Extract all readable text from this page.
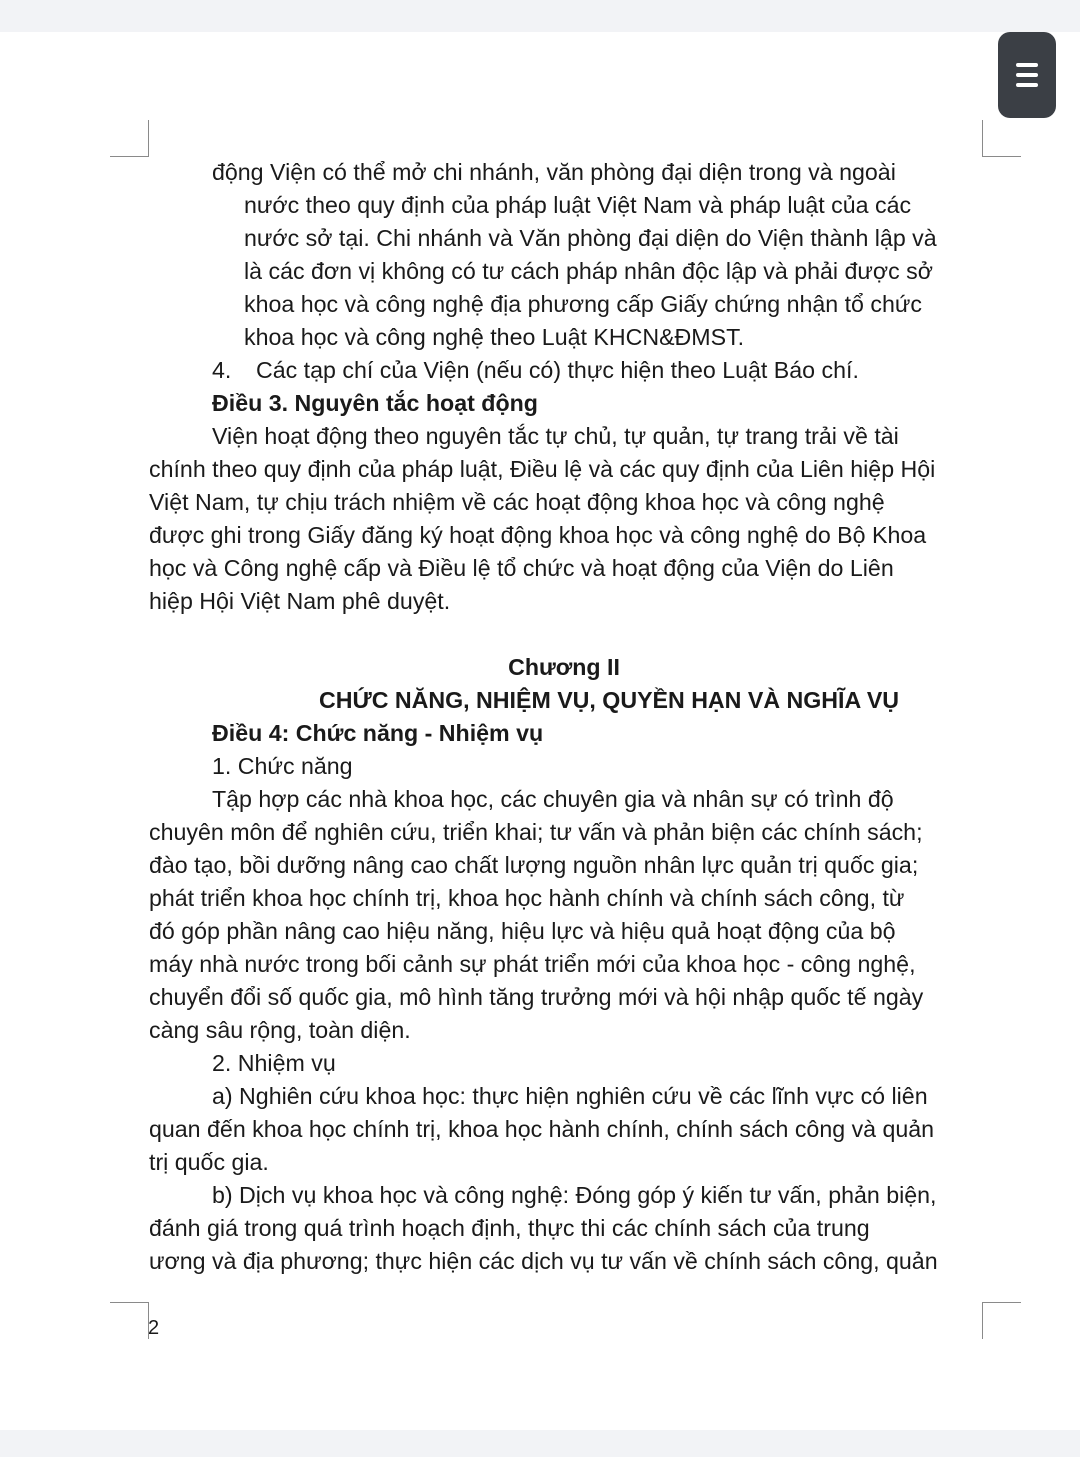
động Viện có thể mở chi nhánh, văn phòng đại diện trong và ngoài
nước theo quy định của pháp luật Việt Nam và pháp luật của các
nước sở tại. Chi nhánh và Văn phòng đại diện do Viện thành lập và
là các đơn vị không có tư cách pháp nhân độc lập và phải được sở
khoa học và công nghệ địa phương cấp Giấy chứng nhận tổ chức
khoa học và công nghệ theo Luật KHCN&ĐMST.
4. Các tạp chí của Viện (nếu có) thực hiện theo Luật Báo chí.
Điều 3. Nguyên tắc hoạt động
Viện hoạt động theo nguyên tắc tự chủ, tự quản, tự trang trải về tài
chính theo quy định của pháp luật, Điều lệ và các quy định của Liên hiệp Hội
Việt Nam, tự chịu trách nhiệm về các hoạt động khoa học và công nghệ
được ghi trong Giấy đăng ký hoạt động khoa học và công nghệ do Bộ Khoa
học và Công nghệ cấp và Điều lệ tổ chức và hoạt động của Viện do Liên
hiệp Hội Việt Nam phê duyệt.
Chương II
CHỨC NĂNG, NHIỆM VỤ, QUYỀN HẠN VÀ NGHĨA VỤ
Điều 4: Chức năng - Nhiệm vụ
1. Chức năng
Tập hợp các nhà khoa học, các chuyên gia và nhân sự có trình độ
chuyên môn để nghiên cứu, triển khai; tư vấn và phản biện các chính sách;
đào tạo, bồi dưỡng nâng cao chất lượng nguồn nhân lực quản trị quốc gia;
phát triển khoa học chính trị, khoa học hành chính và chính sách công, từ
đó góp phần nâng cao hiệu năng, hiệu lực và hiệu quả hoạt động của bộ
máy nhà nước trong bối cảnh sự phát triển mới của khoa học - công nghệ,
chuyển đổi số quốc gia, mô hình tăng trưởng mới và hội nhập quốc tế ngày
càng sâu rộng, toàn diện.
2. Nhiệm vụ
a) Nghiên cứu khoa học: thực hiện nghiên cứu về các lĩnh vực có liên
quan đến khoa học chính trị, khoa học hành chính, chính sách công và quản
trị quốc gia.
b) Dịch vụ khoa học và công nghệ: Đóng góp ý kiến tư vấn, phản biện,
đánh giá trong quá trình hoạch định, thực thi các chính sách của trung
ương và địa phương; thực hiện các dịch vụ tư vấn về chính sách công, quản
2
